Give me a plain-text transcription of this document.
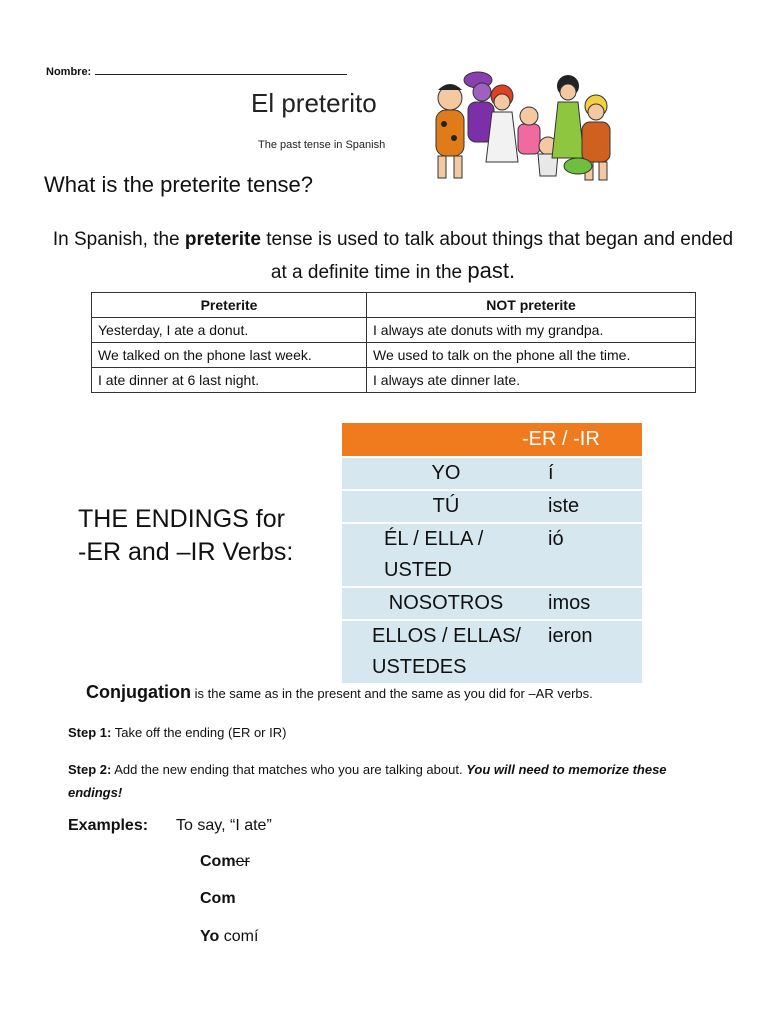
Nombre:
El preterito
The past tense in Spanish
What is the preterite tense?
In Spanish, the preterite tense is used to talk about things that began and ended at a definite time in the past.
Preterite	NOT preterite
Yesterday, I ate a donut.	I always ate donuts with my grandpa.
We talked on the phone last week.	We used to talk on the phone all the time.
I ate dinner at 6 last night.	I always ate dinner late.
THE ENDINGS for
-ER and –IR Verbs:
-ER / -IR	
YO	í
TÚ	iste
ÉL / ELLA / USTED	ió
NOSOTROS	imos
ELLOS / ELLAS/ USTEDES	ieron
Conjugation is the same as in the present and the same as you did for –AR verbs.
Step 1: Take off the ending (ER or IR)
Step 2: Add the new ending that matches who you are talking about. You will need to memorize these endings!
Examples: To say, “I ate”
Comer
Com
Yo comí
